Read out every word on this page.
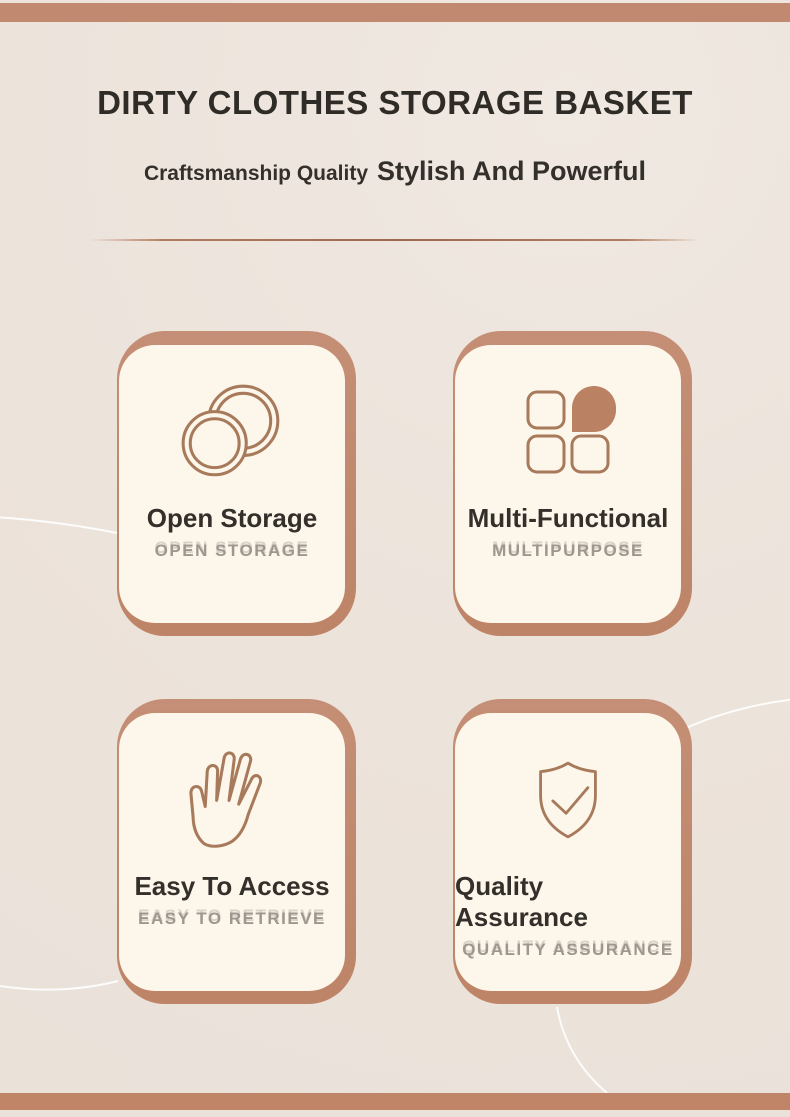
DIRTY CLOTHES STORAGE BASKET
Craftsmanship Quality Stylish And Powerful
Open Storage
OPEN STORAGE
Multi-Functional
MULTIPURPOSE
Easy To Access
EASY TO RETRIEVE
Quality Assurance
QUALITY ASSURANCE
